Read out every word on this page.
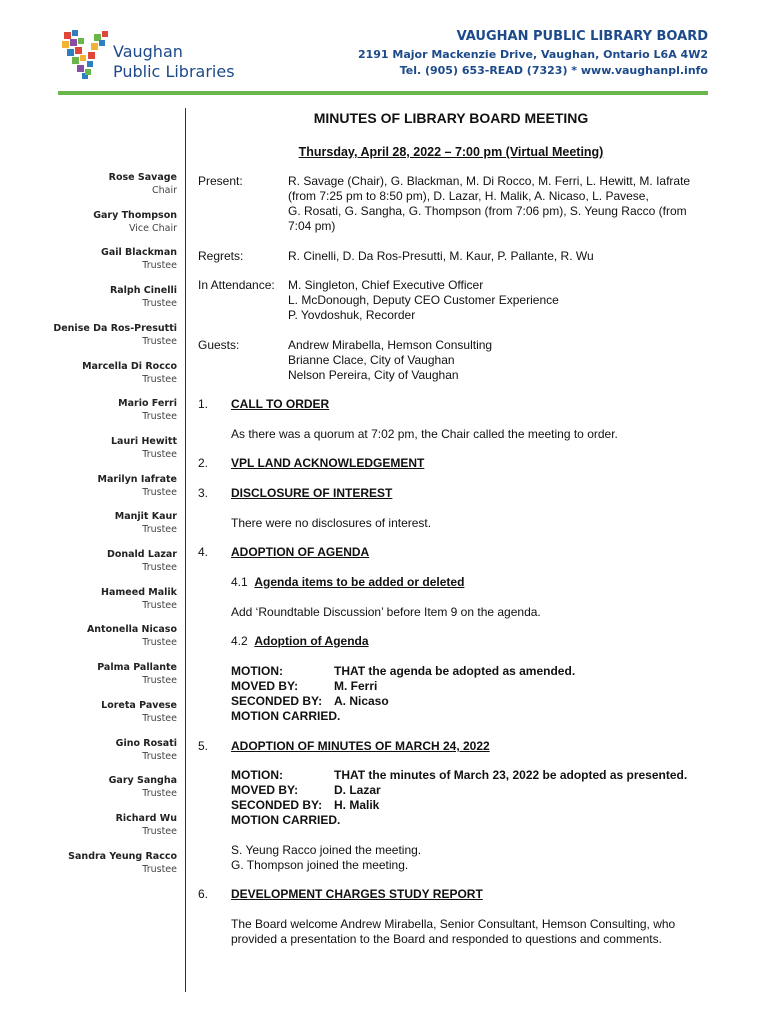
Vaughan
Public Libraries
VAUGHAN PUBLIC LIBRARY BOARD
2191 Major Mackenzie Drive, Vaughan, Ontario L6A 4W2
Tel. (905) 653-READ (7323) * www.vaughanpl.info
Rose Savage
Chair
Gary Thompson
Vice Chair
Gail Blackman
Trustee
Ralph Cinelli
Trustee
Denise Da Ros-Presutti
Trustee
Marcella Di Rocco
Trustee
Mario Ferri
Trustee
Lauri Hewitt
Trustee
Marilyn Iafrate
Trustee
Manjit Kaur
Trustee
Donald Lazar
Trustee
Hameed Malik
Trustee
Antonella Nicaso
Trustee
Palma Pallante
Trustee
Loreta Pavese
Trustee
Gino Rosati
Trustee
Gary Sangha
Trustee
Richard Wu
Trustee
Sandra Yeung Racco
Trustee
MINUTES OF LIBRARY BOARD MEETING
Thursday, April 28, 2022 – 7:00 pm (Virtual Meeting)
Present:	R. Savage (Chair), G. Blackman, M. Di Rocco, M. Ferri, L. Hewitt, M. Iafrate
(from 7:25 pm to 8:50 pm), D. Lazar, H. Malik, A. Nicaso, L. Pavese,
G. Rosati, G. Sangha, G. Thompson (from 7:06 pm), S. Yeung Racco (from
7:04 pm)
Regrets:	R. Cinelli, D. Da Ros-Presutti, M. Kaur, P. Pallante, R. Wu
In Attendance: M. Singleton, Chief Executive Officer
L. McDonough, Deputy CEO Customer Experience
P. Yovdoshuk, Recorder
Guests:	Andrew Mirabella, Hemson Consulting
Brianne Clace, City of Vaughan
Nelson Pereira, City of Vaughan
1. CALL TO ORDER
As there was a quorum at 7:02 pm, the Chair called the meeting to order.
2. VPL LAND ACKNOWLEDGEMENT
3. DISCLOSURE OF INTEREST
There were no disclosures of interest.
4. ADOPTION OF AGENDA
4.1 Agenda items to be added or deleted
Add ‘Roundtable Discussion’ before Item 9 on the agenda.
4.2 Adoption of Agenda
MOTION:	THAT the agenda be adopted as amended.
MOVED BY:	M. Ferri
SECONDED BY: A. Nicaso
MOTION CARRIED.
5. ADOPTION OF MINUTES OF MARCH 24, 2022
MOTION:	THAT the minutes of March 23, 2022 be adopted as presented.
MOVED BY:	D. Lazar
SECONDED BY: H. Malik
MOTION CARRIED.
S. Yeung Racco joined the meeting.
G. Thompson joined the meeting.
6. DEVELOPMENT CHARGES STUDY REPORT
The Board welcome Andrew Mirabella, Senior Consultant, Hemson Consulting, who
provided a presentation to the Board and responded to questions and comments.
